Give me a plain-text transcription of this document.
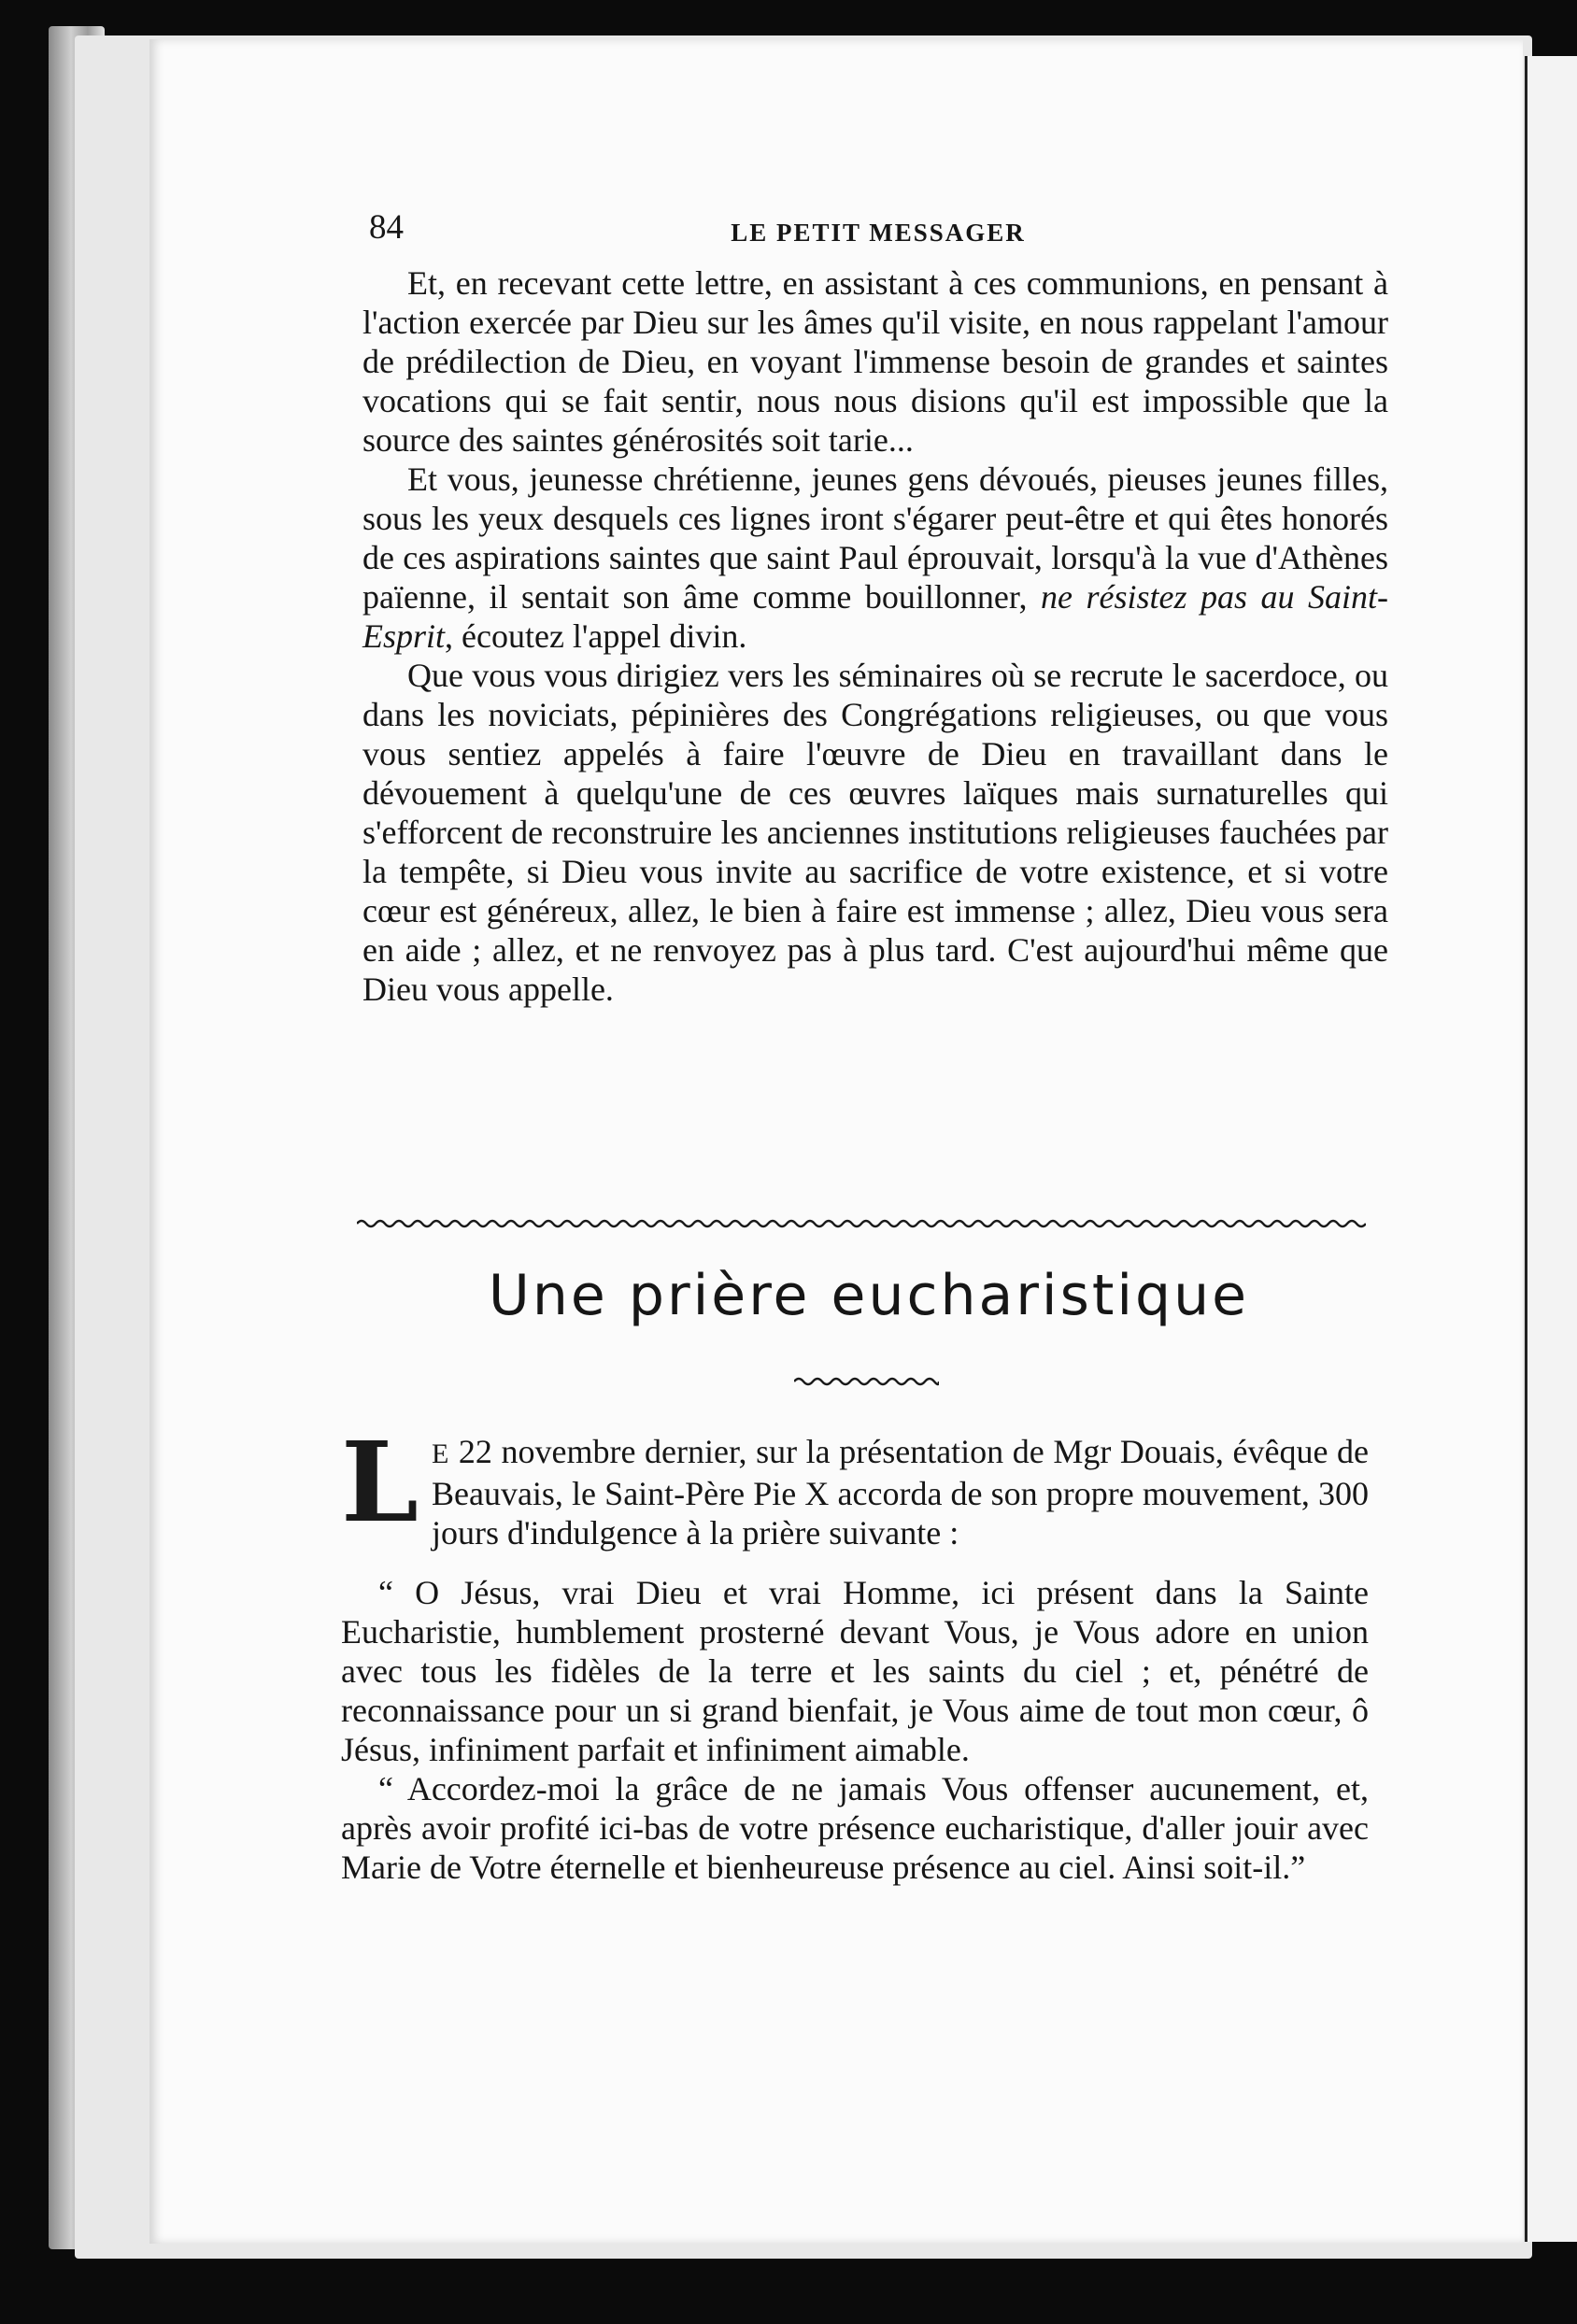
84	LE PETIT MESSAGER

Et, en recevant cette lettre, en assistant à ces communions, en pensant à l'action exercée par Dieu sur les âmes qu'il visite, en nous rappelant l'amour de prédilection de Dieu, en voyant l'immense besoin de grandes et saintes vocations qui se fait sentir, nous nous disions qu'il est impossible que la source des saintes générosités soit tarie...

Et vous, jeunesse chrétienne, jeunes gens dévoués, pieuses jeunes filles, sous les yeux desquels ces lignes iront s'égarer peut-être et qui êtes honorés de ces aspirations saintes que saint Paul éprouvait, lorsqu'à la vue d'Athènes païenne, il sentait son âme comme bouillonner, ne résistez pas au Saint-Esprit, écoutez l'appel divin.

Que vous vous dirigiez vers les séminaires où se recrute le sacerdoce, ou dans les noviciats, pépinières des Congrégations religieuses, ou que vous vous sentiez appelés à faire l'œuvre de Dieu en travaillant dans le dévouement à quelqu'une de ces œuvres laïques mais surnaturelles qui s'efforcent de reconstruire les anciennes institutions religieuses fauchées par la tempête, si Dieu vous invite au sacrifice de votre existence, et si votre cœur est généreux, allez, le bien à faire est immense ; allez, Dieu vous sera en aide ; allez, et ne renvoyez pas à plus tard. C'est aujourd'hui même que Dieu vous appelle.

Une prière eucharistique

L E 22 novembre dernier, sur la présentation de Mgr Douais, évêque de Beauvais, le Saint-Père Pie X accorda de son propre mouvement, 300 jours d'indulgence à la prière suivante :

“ O Jésus, vrai Dieu et vrai Homme, ici présent dans la Sainte Eucharistie, humblement prosterné devant Vous, je Vous adore en union avec tous les fidèles de la terre et les saints du ciel ; et, pénétré de reconnaissance pour un si grand bienfait, je Vous aime de tout mon cœur, ô Jésus, infiniment parfait et infiniment aimable.

“ Accordez-moi la grâce de ne jamais Vous offenser aucunement, et, après avoir profité ici-bas de votre présence eucharistique, d'aller jouir avec Marie de Votre éternelle et bienheureuse présence au ciel. Ainsi soit-il.”
